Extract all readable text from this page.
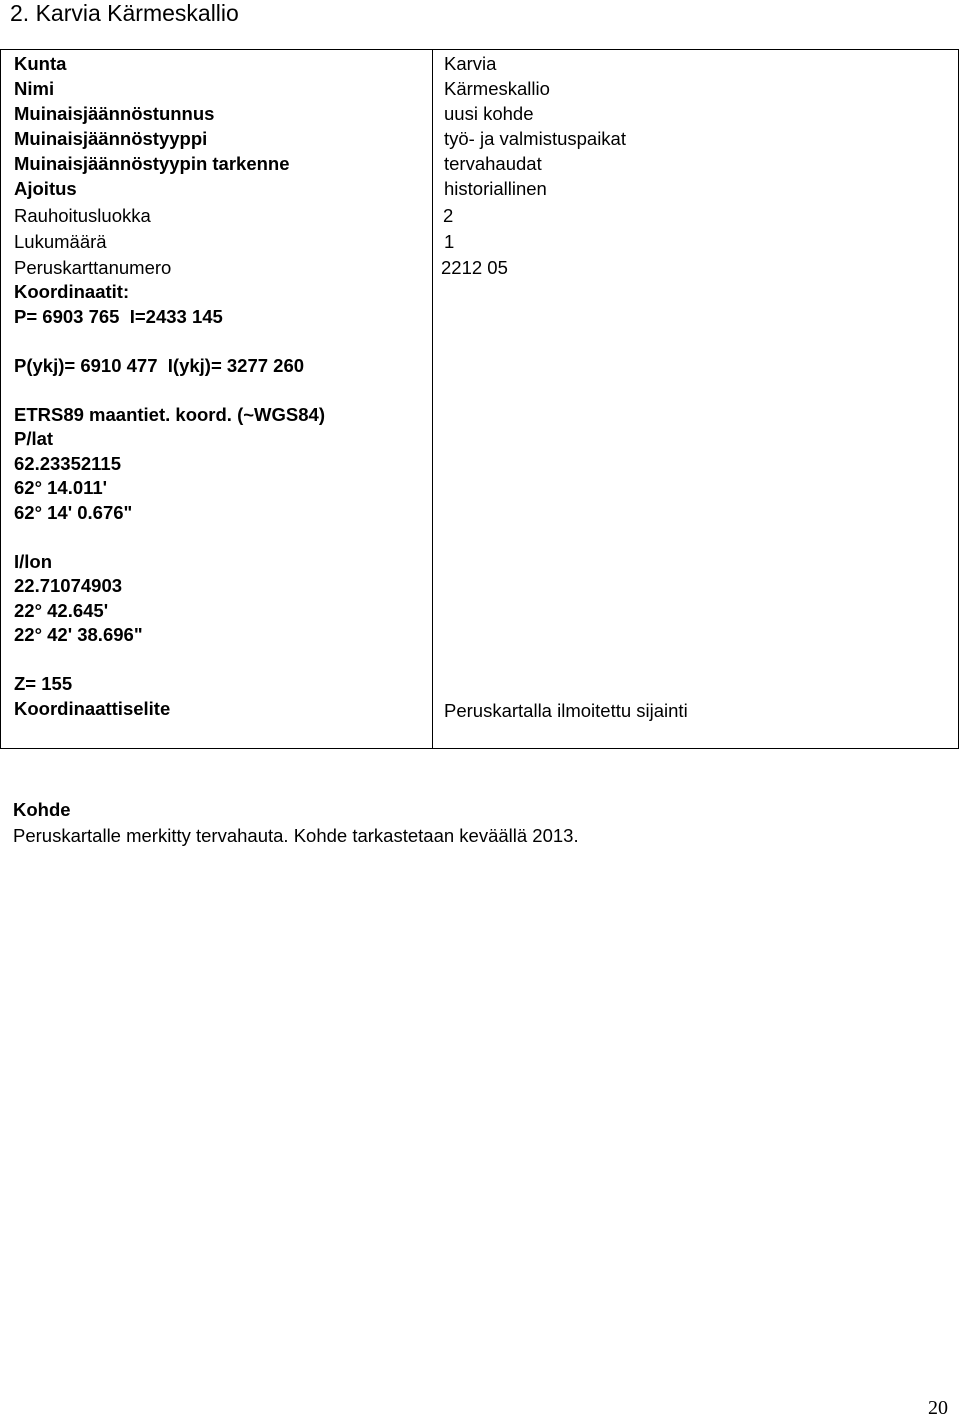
2. Karvia Kärmeskallio
Kunta
Nimi
Muinaisjäännöstunnus
Muinaisjäännöstyyppi
Muinaisjäännöstyypin tarkenne
Ajoitus
Rauhoitusluokka
Lukumäärä
Peruskarttanumero
Karvia
Kärmeskallio
uusi kohde
työ- ja valmistuspaikat
tervahaudat
historiallinen
2
1
2212 05
Koordinaatit:
P= 6903 765  I=2433 145
P(ykj)= 6910 477  I(ykj)= 3277 260
ETRS89 maantiet. koord. (~WGS84)
P/lat
62.23352115
62° 14.011'
62° 14' 0.676"
I/lon
22.71074903
22° 42.645'
22° 42' 38.696"
Z= 155
Koordinaattiselite	Peruskartalla ilmoitettu sijainti
Kohde
Peruskartalle merkitty tervahauta. Kohde tarkastetaan keväällä 2013.
20
